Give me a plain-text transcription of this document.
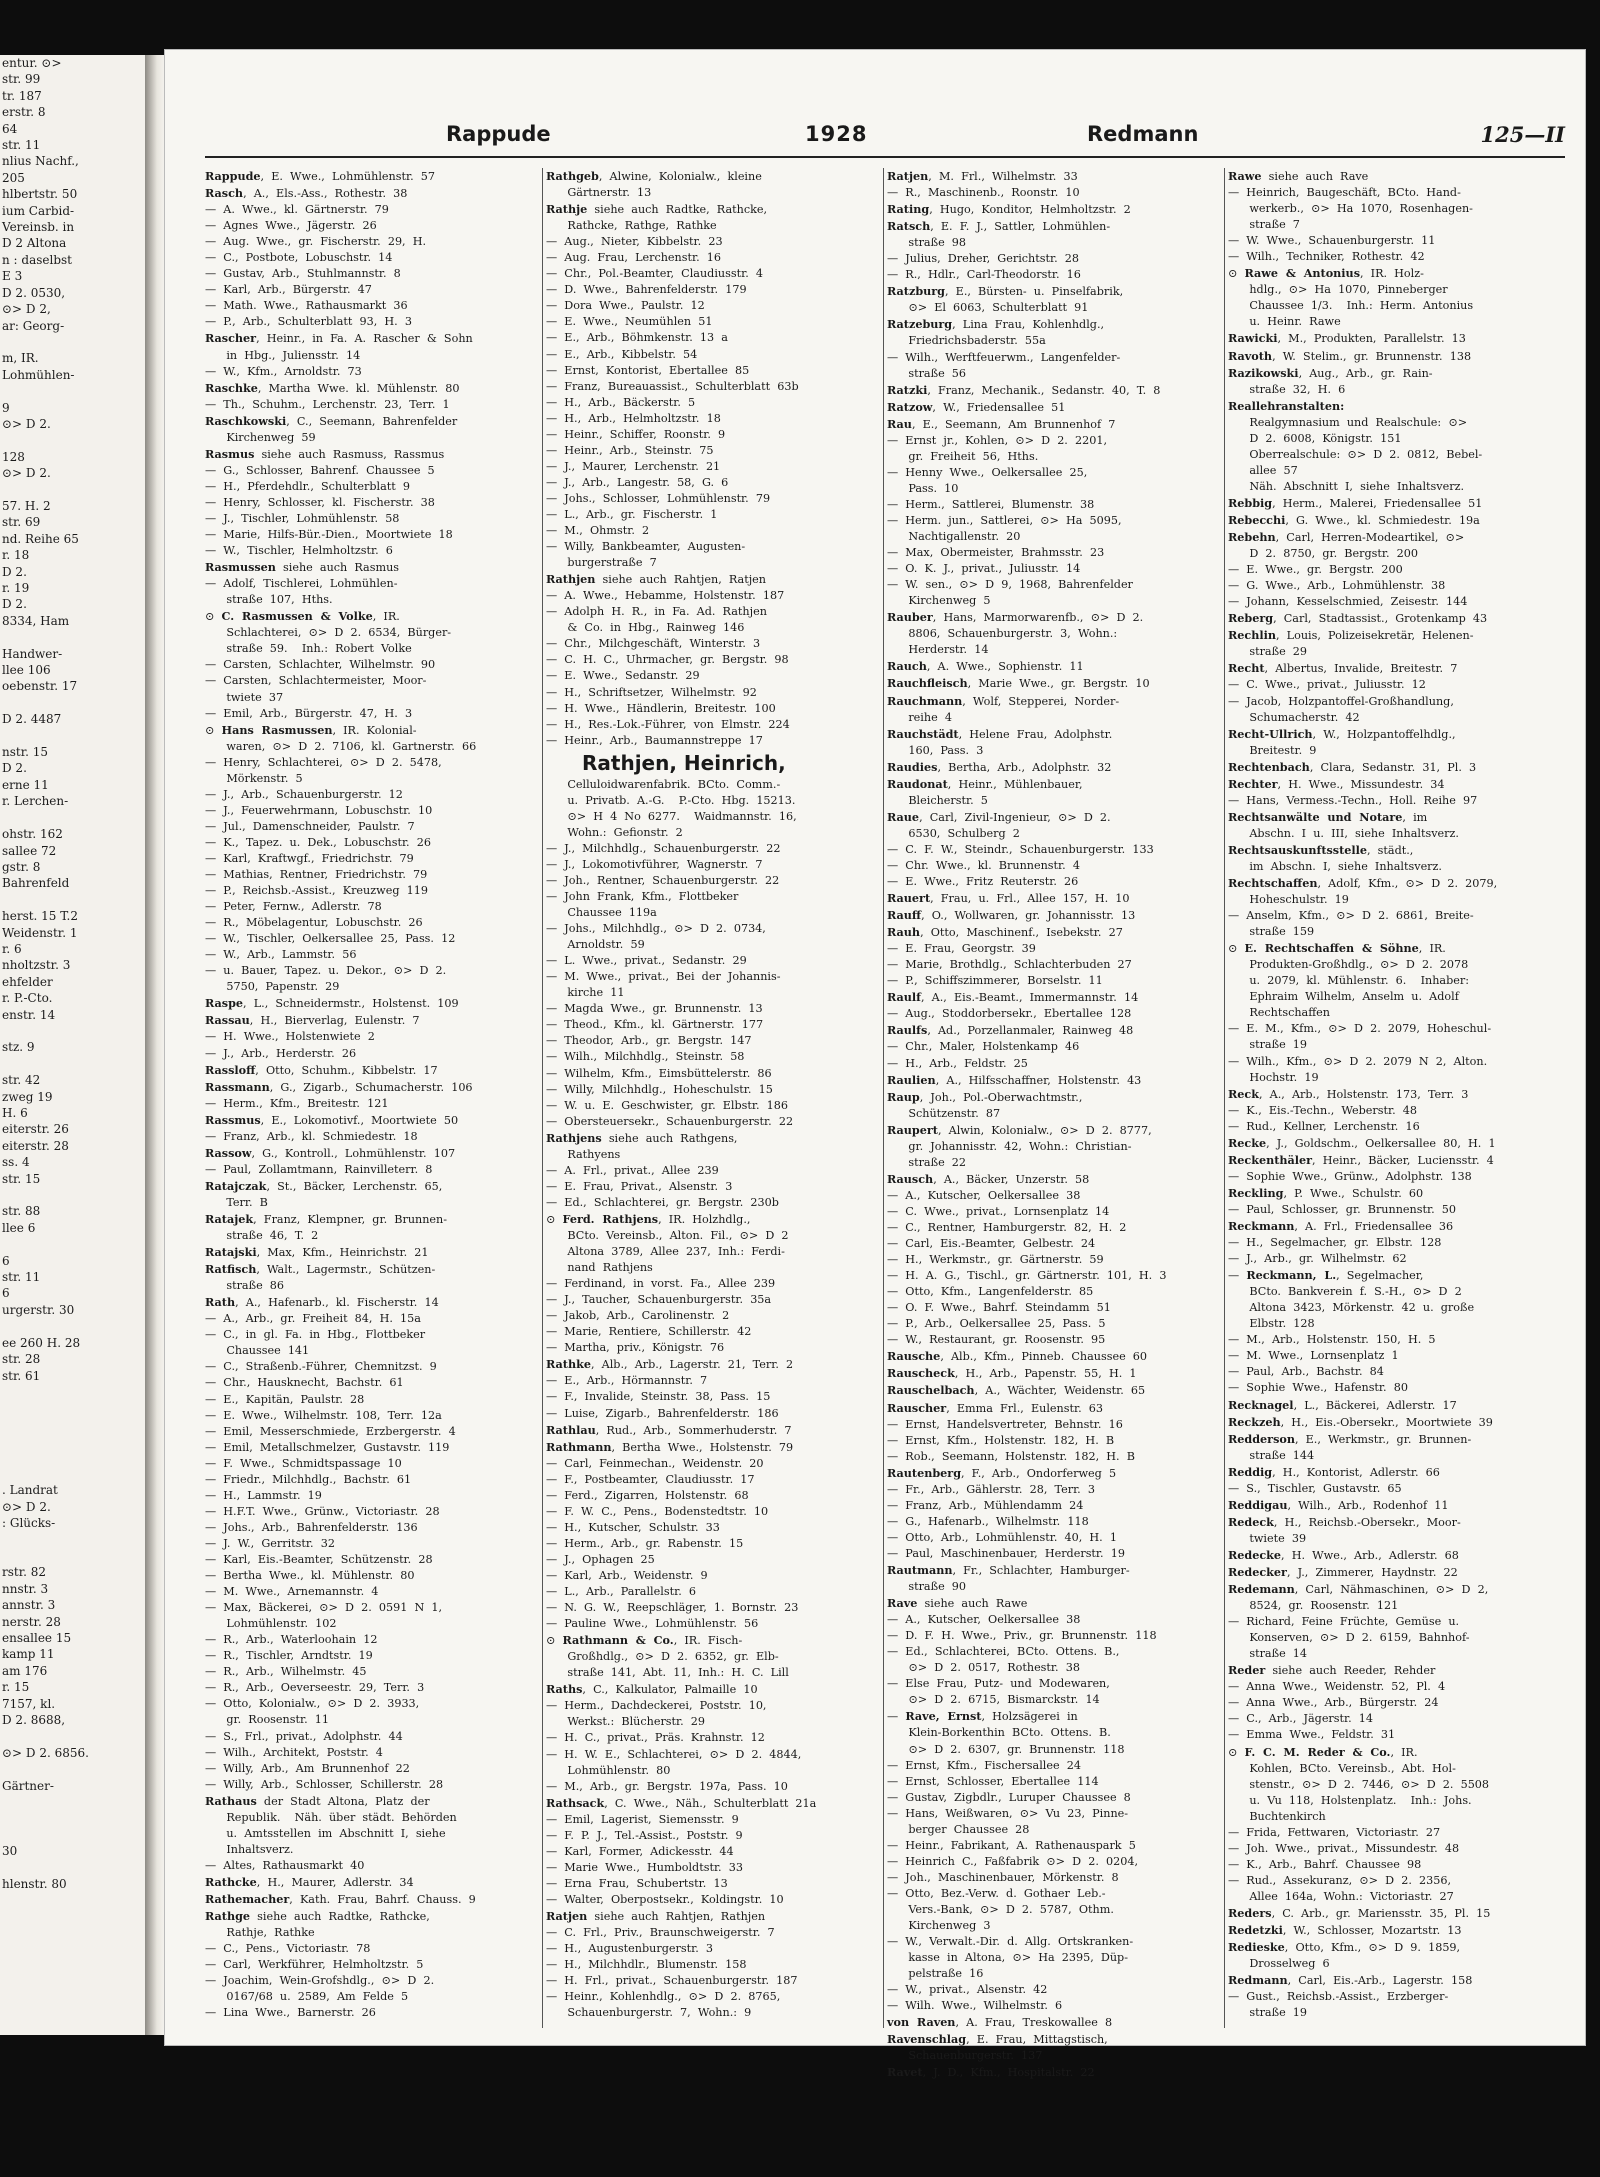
entur. ⊙>
str. 99
tr. 187
erstr. 8
64
str. 11
nlius Nachf.,
205
hlbertstr. 50
ium Carbid-
Vereinsb. in
D 2 Altona
n : daselbst
E 3
D 2. 0530,
⊙> D 2,
ar: Georg-

m, IR.
Lohmühlen-

9
⊙> D 2.

128
⊙> D 2.

57. H. 2
str. 69
nd. Reihe 65
r. 18
D 2.
r. 19
D 2.
8334, Ham

Handwer-
llee 106
oebenstr. 17

D 2. 4487

nstr. 15
D 2.
erne 11
r. Lerchen-

ohstr. 162
sallee 72
gstr. 8
Bahrenfeld

herst. 15 T.2
Weidenstr. 1
r. 6
nholtzstr. 3
ehfelder
r. P.-Cto.
enstr. 14

stz. 9

str. 42
zweg 19
H. 6
eiterstr. 26
eiterstr. 28
ss. 4
str. 15

str. 88
llee 6

6
str. 11
6
urgerstr. 30

ee 260 H. 28
str. 28
str. 61

. Landrat
⊙> D 2.
: Glücks-

rstr. 82
nnstr. 3
annstr. 3
nerstr. 28
ensallee 15
kamp 11
am 176
r. 15
7157, kl.
D 2. 8688,

⊙> D 2. 6856.

Gärtner-

30

hlenstr. 80
Rappude	1928	Redmann	125—II
Rappude,  E.  Wwe.,  Lohmühlenstr.  57
Rasch,  A.,  Els.-Ass.,  Rothestr.  38
—  A.  Wwe.,  kl.  Gärtnerstr.  79
—  Agnes  Wwe.,  Jägerstr.  26
—  Aug.  Wwe.,  gr.  Fischerstr.  29,  H.
—  C.,  Postbote,  Lobuschstr.  14
—  Gustav,  Arb.,  Stuhlmannstr.  8
—  Karl,  Arb.,  Bürgerstr.  47
—  Math.  Wwe.,  Rathausmarkt  36
—  P.,  Arb.,  Schulterblatt  93,  H.  3
Rascher,  Heinr.,  in  Fa.  A.  Rascher  &  Sohn
in  Hbg.,  Juliensstr.  14
—  W.,  Kfm.,  Arnoldstr.  73
Raschke,  Martha  Wwe.  kl.  Mühlenstr.  80
—  Th.,  Schuhm.,  Lerchenstr.  23,  Terr.  1
Raschkowski,  C.,  Seemann,  Bahrenfelder
Kirchenweg  59
Rasmus  siehe  auch  Rasmuss,  Rassmus
—  G.,  Schlosser,  Bahrenf.  Chaussee  5
—  H.,  Pferdehdlr.,  Schulterblatt  9
—  Henry,  Schlosser,  kl.  Fischerstr.  38
—  J.,  Tischler,  Lohmühlenstr.  58
—  Marie,  Hilfs-Bür.-Dien.,  Moortwiete  18
—  W.,  Tischler,  Helmholtzstr.  6
Rasmussen  siehe  auch  Rasmus
—  Adolf,  Tischlerei,  Lohmühlen-
straße  107,  Hths.
⊙  C.  Rasmussen  &  Volke,  IR.
Schlachterei,  ⊙>  D  2.  6534,  Bürger-
straße  59.    Inh.:  Robert  Volke
—  Carsten,  Schlachter,  Wilhelmstr.  90
—  Carsten,  Schlachtermeister,  Moor-
twiete  37
—  Emil,  Arb.,  Bürgerstr.  47,  H.  3
⊙  Hans  Rasmussen,  IR.  Kolonial-
waren,  ⊙>  D  2.  7106,  kl.  Gartnerstr.  66
—  Henry,  Schlachterei,  ⊙>  D  2.  5478,
Mörkenstr.  5
—  J.,  Arb.,  Schauenburgerstr.  12
—  J.,  Feuerwehrmann,  Lobuschstr.  10
—  Jul.,  Damenschneider,  Paulstr.  7
—  K.,  Tapez.  u.  Dek.,  Lobuschstr.  26
—  Karl,  Kraftwgf.,  Friedrichstr.  79
—  Mathias,  Rentner,  Friedrichstr.  79
—  P.,  Reichsb.-Assist.,  Kreuzweg  119
—  Peter,  Fernw.,  Adlerstr.  78
—  R.,  Möbelagentur,  Lobuschstr.  26
—  W.,  Tischler,  Oelkersallee  25,  Pass.  12
—  W.,  Arb.,  Lammstr.  56
—  u.  Bauer,  Tapez.  u.  Dekor.,  ⊙>  D  2.
5750,  Papenstr.  29
Raspe,  L.,  Schneidermstr.,  Holstenst.  109
Rassau,  H.,  Bierverlag,  Eulenstr.  7
—  H.  Wwe.,  Holstenwiete  2
—  J.,  Arb.,  Herderstr.  26
Rassloff,  Otto,  Schuhm.,  Kibbelstr.  17
Rassmann,  G.,  Zigarb.,  Schumacherstr.  106
—  Herm.,  Kfm.,  Breitestr.  121
Rassmus,  E.,  Lokomotivf.,  Moortwiete  50
—  Franz,  Arb.,  kl.  Schmiedestr.  18
Rassow,  G.,  Kontroll.,  Lohmühlenstr.  107
—  Paul,  Zollamtmann,  Rainvilleterr.  8
Ratajczak,  St.,  Bäcker,  Lerchenstr.  65,
Terr.  B
Ratajek,  Franz,  Klempner,  gr.  Brunnen-
straße  46,  T.  2
Ratajski,  Max,  Kfm.,  Heinrichstr.  21
Ratfisch,  Walt.,  Lagermstr.,  Schützen-
straße  86
Rath,  A.,  Hafenarb.,  kl.  Fischerstr.  14
—  A.,  Arb.,  gr.  Freiheit  84,  H.  15a
—  C.,  in  gl.  Fa.  in  Hbg.,  Flottbeker
Chaussee  141
—  C.,  Straßenb.-Führer,  Chemnitzst.  9
—  Chr.,  Hausknecht,  Bachstr.  61
—  E.,  Kapitän,  Paulstr.  28
—  E.  Wwe.,  Wilhelmstr.  108,  Terr.  12a
—  Emil,  Messerschmiede,  Erzbergerstr.  4
—  Emil,  Metallschmelzer,  Gustavstr.  119
—  F.  Wwe.,  Schmidtspassage  10
—  Friedr.,  Milchhdlg.,  Bachstr.  61
—  H.,  Lammstr.  19
—  H.F.T.  Wwe.,  Grünw.,  Victoriastr.  28
—  Johs.,  Arb.,  Bahrenfelderstr.  136
—  J.  W.,  Gerritstr.  32
—  Karl,  Eis.-Beamter,  Schützenstr.  28
—  Bertha  Wwe.,  kl.  Mühlenstr.  80
—  M.  Wwe.,  Arnemannstr.  4
—  Max,  Bäckerei,  ⊙>  D  2.  0591  N  1,
Lohmühlenstr.  102
—  R.,  Arb.,  Waterloohain  12
—  R.,  Tischler,  Arndtstr.  19
—  R.,  Arb.,  Wilhelmstr.  45
—  R.,  Arb.,  Oeverseestr.  29,  Terr.  3
—  Otto,  Kolonialw.,  ⊙>  D  2.  3933,
gr.  Roosenstr.  11
—  S.,  Frl.,  privat.,  Adolphstr.  44
—  Wilh.,  Architekt,  Poststr.  4
—  Willy,  Arb.,  Am  Brunnenhof  22
—  Willy,  Arb.,  Schlosser,  Schillerstr.  28
Rathaus  der  Stadt  Altona,  Platz  der
Republik.    Näh.  über  städt.  Behörden
u.  Amtsstellen  im  Abschnitt  I,  siehe
Inhaltsverz.
—  Altes,  Rathausmarkt  40
Rathcke,  H.,  Maurer,  Adlerstr.  34
Rathemacher,  Kath.  Frau,  Bahrf.  Chauss.  9
Rathge  siehe  auch  Radtke,  Rathcke,
Rathje,  Rathke
—  C.,  Pens.,  Victoriastr.  78
—  Carl,  Werkführer,  Helmholtzstr.  5
—  Joachim,  Wein-Grofshdlg.,  ⊙>  D  2.
0167/68  u.  2589,  Am  Felde  5
—  Lina  Wwe.,  Barnerstr.  26
Rathgeb,  Alwine,  Kolonialw.,  kleine
Gärtnerstr.  13
Rathje  siehe  auch  Radtke,  Rathcke,
Rathcke,  Rathge,  Rathke
—  Aug.,  Nieter,  Kibbelstr.  23
—  Aug.  Frau,  Lerchenstr.  16
—  Chr.,  Pol.-Beamter,  Claudiusstr.  4
—  D.  Wwe.,  Bahrenfelderstr.  179
—  Dora  Wwe.,  Paulstr.  12
—  E.  Wwe.,  Neumühlen  51
—  E.,  Arb.,  Böhmkenstr.  13  a
—  E.,  Arb.,  Kibbelstr.  54
—  Ernst,  Kontorist,  Ebertallee  85
—  Franz,  Bureauassist.,  Schulterblatt  63b
—  H.,  Arb.,  Bäckerstr.  5
—  H.,  Arb.,  Helmholtzstr.  18
—  Heinr.,  Schiffer,  Roonstr.  9
—  Heinr.,  Arb.,  Steinstr.  75
—  J.,  Maurer,  Lerchenstr.  21
—  J.,  Arb.,  Langestr.  58,  G.  6
—  Johs.,  Schlosser,  Lohmühlenstr.  79
—  L.,  Arb.,  gr.  Fischerstr.  1
—  M.,  Ohmstr.  2
—  Willy,  Bankbeamter,  Augusten-
burgerstraße  7
Rathjen  siehe  auch  Rahtjen,  Ratjen
—  A.  Wwe.,  Hebamme,  Holstenstr.  187
—  Adolph  H.  R.,  in  Fa.  Ad.  Rathjen
&  Co.  in  Hbg.,  Rainweg  146
—  Chr.,  Milchgeschäft,  Winterstr.  3
—  C.  H.  C.,  Uhrmacher,  gr.  Bergstr.  98
—  E.  Wwe.,  Sedanstr.  29
—  H.,  Schriftsetzer,  Wilhelmstr.  92
—  H.  Wwe.,  Händlerin,  Breitestr.  100
—  H.,  Res.-Lok.-Führer,  von  Elmstr.  224
—  Heinr.,  Arb.,  Baumannstreppe  17
Rathjen, Heinrich,
Celluloidwarenfabrik.  BCto.  Comm.-
u.  Privatb.  A.-G.    P.-Cto.  Hbg.  15213.
⊙>  H  4  No  6277.    Waidmannstr.  16,
Wohn.:  Gefionstr.  2
—  J.,  Milchhdlg.,  Schauenburgerstr.  22
—  J.,  Lokomotivführer,  Wagnerstr.  7
—  Joh.,  Rentner,  Schauenburgerstr.  22
—  John  Frank,  Kfm.,  Flottbeker
Chaussee  119a
—  Johs.,  Milchhdlg.,  ⊙>  D  2.  0734,
Arnoldstr.  59
—  L.  Wwe.,  privat.,  Sedanstr.  29
—  M.  Wwe.,  privat.,  Bei  der  Johannis-
kirche  11
—  Magda  Wwe.,  gr.  Brunnenstr.  13
—  Theod.,  Kfm.,  kl.  Gärtnerstr.  177
—  Theodor,  Arb.,  gr.  Bergstr.  147
—  Wilh.,  Milchhdlg.,  Steinstr.  58
—  Wilhelm,  Kfm.,  Eimsbüttelerstr.  86
—  Willy,  Milchhdlg.,  Hoheschulstr.  15
—  W.  u.  E.  Geschwister,  gr.  Elbstr.  186
—  Obersteuersekr.,  Schauenburgerstr.  22
Rathjens  siehe  auch  Rathgens,
Rathyens
—  A.  Frl.,  privat.,  Allee  239
—  E.  Frau,  Privat.,  Alsenstr.  3
—  Ed.,  Schlachterei,  gr.  Bergstr.  230b
⊙  Ferd.  Rathjens,  IR.  Holzhdlg.,
BCto.  Vereinsb.,  Alton.  Fil.,  ⊙>  D  2
Altona  3789,  Allee  237,  Inh.:  Ferdi-
nand  Rathjens
—  Ferdinand,  in  vorst.  Fa.,  Allee  239
—  J.,  Taucher,  Schauenburgerstr.  35a
—  Jakob,  Arb.,  Carolinenstr.  2
—  Marie,  Rentiere,  Schillerstr.  42
—  Martha,  priv.,  Königstr.  76
Rathke,  Alb.,  Arb.,  Lagerstr.  21,  Terr.  2
—  E.,  Arb.,  Hörmannstr.  7
—  F.,  Invalide,  Steinstr.  38,  Pass.  15
—  Luise,  Zigarb.,  Bahrenfelderstr.  186
Rathlau,  Rud.,  Arb.,  Sommerhuderstr.  7
Rathmann,  Bertha  Wwe.,  Holstenstr.  79
—  Carl,  Feinmechan.,  Weidenstr.  20
—  F.,  Postbeamter,  Claudiusstr.  17
—  Ferd.,  Zigarren,  Holstenstr.  68
—  F.  W.  C.,  Pens.,  Bodenstedtstr.  10
—  H.,  Kutscher,  Schulstr.  33
—  Herm.,  Arb.,  gr.  Rabenstr.  15
—  J.,  Ophagen  25
—  Karl,  Arb.,  Weidenstr.  9
—  L.,  Arb.,  Parallelstr.  6
—  N.  G.  W.,  Reepschläger,  1.  Bornstr.  23
—  Pauline  Wwe.,  Lohmühlenstr.  56
⊙  Rathmann  &  Co.,  IR.  Fisch-
Großhdlg.,  ⊙>  D  2.  6352,  gr.  Elb-
straße  141,  Abt.  11,  Inh.:  H.  C.  Lill
Raths,  C.,  Kalkulator,  Palmaille  10
—  Herm.,  Dachdeckerei,  Poststr.  10,
Werkst.:  Blücherstr.  29
—  H.  C.,  privat.,  Präs.  Krahnstr.  12
—  H.  W.  E.,  Schlachterei,  ⊙>  D  2.  4844,
Lohmühlenstr.  80
—  M.,  Arb.,  gr.  Bergstr.  197a,  Pass.  10
Rathsack,  C.  Wwe.,  Näh.,  Schulterblatt  21a
—  Emil,  Lagerist,  Siemensstr.  9
—  F.  P.  J.,  Tel.-Assist.,  Poststr.  9
—  Karl,  Former,  Adickesstr.  44
—  Marie  Wwe.,  Humboldtstr.  33
—  Erna  Frau,  Schubertstr.  13
—  Walter,  Oberpostsekr.,  Koldingstr.  10
Ratjen  siehe  auch  Rahtjen,  Rathjen
—  C.  Frl.,  Priv.,  Braunschweigerstr.  7
—  H.,  Augustenburgerstr.  3
—  H.,  Milchhdlr.,  Blumenstr.  158
—  H.  Frl.,  privat.,  Schauenburgerstr.  187
—  Heinr.,  Kohlenhdlg.,  ⊙>  D  2.  8765,
Schauenburgerstr.  7,  Wohn.:  9
Ratjen,  M.  Frl.,  Wilhelmstr.  33
—  R.,  Maschinenb.,  Roonstr.  10
Rating,  Hugo,  Konditor,  Helmholtzstr.  2
Ratsch,  E.  F.  J.,  Sattler,  Lohmühlen-
straße  98
—  Julius,  Dreher,  Gerichtstr.  28
—  R.,  Hdlr.,  Carl-Theodorstr.  16
Ratzburg,  E.,  Bürsten-  u.  Pinselfabrik,
⊙>  El  6063,  Schulterblatt  91
Ratzeburg,  Lina  Frau,  Kohlenhdlg.,
Friedrichsbaderstr.  55a
—  Wilh.,  Werftfeuerwm.,  Langenfelder-
straße  56
Ratzki,  Franz,  Mechanik.,  Sedanstr.  40,  T.  8
Ratzow,  W.,  Friedensallee  51
Rau,  E.,  Seemann,  Am  Brunnenhof  7
—  Ernst  jr.,  Kohlen,  ⊙>  D  2.  2201,
gr.  Freiheit  56,  Hths.
—  Henny  Wwe.,  Oelkersallee  25,
Pass.  10
—  Herm.,  Sattlerei,  Blumenstr.  38
—  Herm.  jun.,  Sattlerei,  ⊙>  Ha  5095,
Nachtigallenstr.  20
—  Max,  Obermeister,  Brahmsstr.  23
—  O.  K.  J.,  privat.,  Juliusstr.  14
—  W.  sen.,  ⊙>  D  9,  1968,  Bahrenfelder
Kirchenweg  5
Rauber,  Hans,  Marmorwarenfb.,  ⊙>  D  2.
8806,  Schauenburgerstr.  3,  Wohn.:
Herderstr.  14
Rauch,  A.  Wwe.,  Sophienstr.  11
Rauchfleisch,  Marie  Wwe.,  gr.  Bergstr.  10
Rauchmann,  Wolf,  Stepperei,  Norder-
reihe  4
Rauchstädt,  Helene  Frau,  Adolphstr.
160,  Pass.  3
Raudies,  Bertha,  Arb.,  Adolphstr.  32
Raudonat,  Heinr.,  Mühlenbauer,
Bleicherstr.  5
Raue,  Carl,  Zivil-Ingenieur,  ⊙>  D  2.
6530,  Schulberg  2
—  C.  F.  W.,  Steindr.,  Schauenburgerstr.  133
—  Chr.  Wwe.,  kl.  Brunnenstr.  4
—  E.  Wwe.,  Fritz  Reuterstr.  26
Rauert,  Frau,  u.  Frl.,  Allee  157,  H.  10
Rauff,  O.,  Wollwaren,  gr.  Johannisstr.  13
Rauh,  Otto,  Maschinenf.,  Isebekstr.  27
—  E.  Frau,  Georgstr.  39
—  Marie,  Brothdlg.,  Schlachterbuden  27
—  P.,  Schiffszimmerer,  Borselstr.  11
Raulf,  A.,  Eis.-Beamt.,  Immermannstr.  14
—  Aug.,  Stoddorbersekr.,  Ebertallee  128
Raulfs,  Ad.,  Porzellanmaler,  Rainweg  48
—  Chr.,  Maler,  Holstenkamp  46
—  H.,  Arb.,  Feldstr.  25
Raulien,  A.,  Hilfsschaffner,  Holstenstr.  43
Raup,  Joh.,  Pol.-Oberwachtmstr.,
Schützenstr.  87
Raupert,  Alwin,  Kolonialw.,  ⊙>  D  2.  8777,
gr.  Johannisstr.  42,  Wohn.:  Christian-
straße  22
Rausch,  A.,  Bäcker,  Unzerstr.  58
—  A.,  Kutscher,  Oelkersallee  38
—  C.  Wwe.,  privat.,  Lornsenplatz  14
—  C.,  Rentner,  Hamburgerstr.  82,  H.  2
—  Carl,  Eis.-Beamter,  Gelbestr.  24
—  H.,  Werkmstr.,  gr.  Gärtnerstr.  59
—  H.  A.  G.,  Tischl.,  gr.  Gärtnerstr.  101,  H.  3
—  Otto,  Kfm.,  Langenfelderstr.  85
—  O.  F.  Wwe.,  Bahrf.  Steindamm  51
—  P.,  Arb.,  Oelkersallee  25,  Pass.  5
—  W.,  Restaurant,  gr.  Roosenstr.  95
Rausche,  Alb.,  Kfm.,  Pinneb.  Chaussee  60
Rauscheck,  H.,  Arb.,  Papenstr.  55,  H.  1
Rauschelbach,  A.,  Wächter,  Weidenstr.  65
Rauscher,  Emma  Frl.,  Eulenstr.  63
—  Ernst,  Handelsvertreter,  Behnstr.  16
—  Ernst,  Kfm.,  Holstenstr.  182,  H.  B
—  Rob.,  Seemann,  Holstenstr.  182,  H.  B
Rautenberg,  F.,  Arb.,  Ondorferweg  5
—  Fr.,  Arb.,  Gählerstr.  28,  Terr.  3
—  Franz,  Arb.,  Mühlendamm  24
—  G.,  Hafenarb.,  Wilhelmstr.  118
—  Otto,  Arb.,  Lohmühlenstr.  40,  H.  1
—  Paul,  Maschinenbauer,  Herderstr.  19
Rautmann,  Fr.,  Schlachter,  Hamburger-
straße  90
Rave  siehe  auch  Rawe
—  A.,  Kutscher,  Oelkersallee  38
—  D.  F.  H.  Wwe.,  Priv.,  gr.  Brunnenstr.  118
—  Ed.,  Schlachterei,  BCto.  Ottens.  B.,
⊙>  D  2.  0517,  Rothestr.  38
—  Else  Frau,  Putz-  und  Modewaren,
⊙>  D  2.  6715,  Bismarckstr.  14
—  Rave,  Ernst,  Holzsägerei  in
Klein-Borkenthin  BCto.  Ottens.  B.
⊙>  D  2.  6307,  gr.  Brunnenstr.  118
—  Ernst,  Kfm.,  Fischersallee  24
—  Ernst,  Schlosser,  Ebertallee  114
—  Gustav,  Zigbdlr.,  Luruper  Chaussee  8
—  Hans,  Weißwaren,  ⊙>  Vu  23,  Pinne-
berger  Chaussee  28
—  Heinr.,  Fabrikant,  A.  Rathenauspark  5
—  Heinrich  C.,  Faßfabrik  ⊙>  D  2.  0204,
—  Joh.,  Maschinenbauer,  Mörkenstr.  8
—  Otto,  Bez.-Verw.  d.  Gothaer  Leb.-
Vers.-Bank,  ⊙>  D  2.  5787,  Othm.
Kirchenweg  3
—  W.,  Verwalt.-Dir.  d.  Allg.  Ortskranken-
kasse  in  Altona,  ⊙>  Ha  2395,  Düp-
pelstraße  16
—  W.,  privat.,  Alsenstr.  42
—  Wilh.  Wwe.,  Wilhelmstr.  6
von  Raven,  A.  Frau,  Treskowallee  8
Ravenschlag,  E.  Frau,  Mittagstisch,
Schauenburgerstr.  137
Ravet,  J.  D.,  Kfm.,  Hospitalstr.  22
Rawe  siehe  auch  Rave
—  Heinrich,  Baugeschäft,  BCto.  Hand-
werkerb.,  ⊙>  Ha  1070,  Rosenhagen-
straße  7
—  W.  Wwe.,  Schauenburgerstr.  11
—  Wilh.,  Techniker,  Rothestr.  42
⊙  Rawe  &  Antonius,  IR.  Holz-
hdlg.,  ⊙>  Ha  1070,  Pinneberger
Chaussee  1/3.    Inh.:  Herm.  Antonius
u.  Heinr.  Rawe
Rawicki,  M.,  Produkten,  Parallelstr.  13
Ravoth,  W.  Stelim.,  gr.  Brunnenstr.  138
Razikowski,  Aug.,  Arb.,  gr.  Rain-
straße  32,  H.  6
Reallehranstalten:
Realgymnasium  und  Realschule:  ⊙>
D  2.  6008,  Königstr.  151
Oberrealschule:  ⊙>  D  2.  0812,  Bebel-
allee  57
Näh.  Abschnitt  I,  siehe  Inhaltsverz.
Rebbig,  Herm.,  Malerei,  Friedensallee  51
Rebecchi,  G.  Wwe.,  kl.  Schmiedestr.  19a
Rebehn,  Carl,  Herren-Modeartikel,  ⊙>
D  2.  8750,  gr.  Bergstr.  200
—  E.  Wwe.,  gr.  Bergstr.  200
—  G.  Wwe.,  Arb.,  Lohmühlenstr.  38
—  Johann,  Kesselschmied,  Zeisestr.  144
Reberg,  Carl,  Stadtassist.,  Grotenkamp  43
Rechlin,  Louis,  Polizeisekretär,  Helenen-
straße  29
Recht,  Albertus,  Invalide,  Breitestr.  7
—  C.  Wwe.,  privat.,  Juliusstr.  12
—  Jacob,  Holzpantoffel-Großhandlung,
Schumacherstr.  42
Recht-Ullrich,  W.,  Holzpantoffelhdlg.,
Breitestr.  9
Rechtenbach,  Clara,  Sedanstr.  31,  Pl.  3
Rechter,  H.  Wwe.,  Missundestr.  34
—  Hans,  Vermess.-Techn.,  Holl.  Reihe  97
Rechtsanwälte  und  Notare,  im
Abschn.  I  u.  III,  siehe  Inhaltsverz.
Rechtsauskunftsstelle,  städt.,
im  Abschn.  I,  siehe  Inhaltsverz.
Rechtschaffen,  Adolf,  Kfm.,  ⊙>  D  2.  2079,
Hoheschulstr.  19
—  Anselm,  Kfm.,  ⊙>  D  2.  6861,  Breite-
straße  159
⊙  E.  Rechtschaffen  &  Söhne,  IR.
Produkten-Großhdlg.,  ⊙>  D  2.  2078
u.  2079,  kl.  Mühlenstr.  6.    Inhaber:
Ephraim  Wilhelm,  Anselm  u.  Adolf
Rechtschaffen
—  E.  M.,  Kfm.,  ⊙>  D  2.  2079,  Hoheschul-
straße  19
—  Wilh.,  Kfm.,  ⊙>  D  2.  2079  N  2,  Alton.
Hochstr.  19
Reck,  A.,  Arb.,  Holstenstr.  173,  Terr.  3
—  K.,  Eis.-Techn.,  Weberstr.  48
—  Rud.,  Kellner,  Lerchenstr.  16
Recke,  J.,  Goldschm.,  Oelkersallee  80,  H.  1
Reckenthäler,  Heinr.,  Bäcker,  Luciensstr.  4
—  Sophie  Wwe.,  Grünw.,  Adolphstr.  138
Reckling,  P.  Wwe.,  Schulstr.  60
—  Paul,  Schlosser,  gr.  Brunnenstr.  50
Reckmann,  A.  Frl.,  Friedensallee  36
—  H.,  Segelmacher,  gr.  Elbstr.  128
—  J.,  Arb.,  gr.  Wilhelmstr.  62
—  Reckmann,  L.,  Segelmacher,
BCto.  Bankverein  f.  S.-H.,  ⊙>  D  2
Altona  3423,  Mörkenstr.  42  u.  große
Elbstr.  128
—  M.,  Arb.,  Holstenstr.  150,  H.  5
—  M.  Wwe.,  Lornsenplatz  1
—  Paul,  Arb.,  Bachstr.  84
—  Sophie  Wwe.,  Hafenstr.  80
Recknagel,  L.,  Bäckerei,  Adlerstr.  17
Reckzeh,  H.,  Eis.-Obersekr.,  Moortwiete  39
Redderson,  E.,  Werkmstr.,  gr.  Brunnen-
straße  144
Reddig,  H.,  Kontorist,  Adlerstr.  66
—  S.,  Tischler,  Gustavstr.  65
Reddigau,  Wilh.,  Arb.,  Rodenhof  11
Redeck,  H.,  Reichsb.-Obersekr.,  Moor-
twiete  39
Redecke,  H.  Wwe.,  Arb.,  Adlerstr.  68
Redecker,  J.,  Zimmerer,  Haydnstr.  22
Redemann,  Carl,  Nähmaschinen,  ⊙>  D  2,
8524,  gr.  Roosenstr.  121
—  Richard,  Feine  Früchte,  Gemüse  u.
Konserven,  ⊙>  D  2.  6159,  Bahnhof-
straße  14
Reder  siehe  auch  Reeder,  Rehder
—  Anna  Wwe.,  Weidenstr.  52,  Pl.  4
—  Anna  Wwe.,  Arb.,  Bürgerstr.  24
—  C.,  Arb.,  Jägerstr.  14
—  Emma  Wwe.,  Feldstr.  31
⊙  F.  C.  M.  Reder  &  Co.,  IR.
Kohlen,  BCto.  Vereinsb.,  Abt.  Hol-
stenstr.,  ⊙>  D  2.  7446,  ⊙>  D  2.  5508
u.  Vu  118,  Holstenplatz.    Inh.:  Johs.
Buchtenkirch
—  Frida,  Fettwaren,  Victoriastr.  27
—  Joh.  Wwe.,  privat.,  Missundestr.  48
—  K.,  Arb.,  Bahrf.  Chaussee  98
—  Rud.,  Assekuranz,  ⊙>  D  2.  2356,
Allee  164a,  Wohn.:  Victoriastr.  27
Reders,  C.  Arb.,  gr.  Mariensstr.  35,  Pl.  15
Redetzki,  W.,  Schlosser,  Mozartstr.  13
Redieske,  Otto,  Kfm.,  ⊙>  D  9.  1859,
Drosselweg  6
Redmann,  Carl,  Eis.-Arb.,  Lagerstr.  158
—  Gust.,  Reichsb.-Assist.,  Erzberger-
straße  19
